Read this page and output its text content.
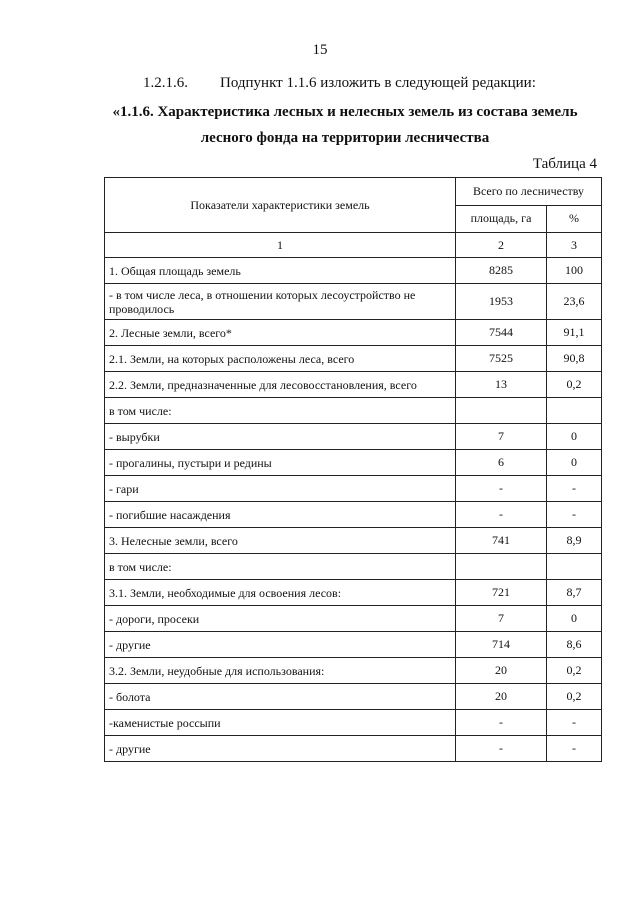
15
1.2.1.6. Подпункт 1.1.6 изложить в следующей редакции:
«1.1.6. Характеристика лесных и нелесных земель из состава земель
лесного фонда на территории лесничества
Таблица 4
Показатели характеристики земель	Всего по лесничеству	
	площадь, га	%
1	2	3
1. Общая площадь земель	8285	100
- в том числе леса, в отношении которых лесоустройство не проводилось	1953	23,6
2. Лесные земли, всего*	7544	91,1
2.1. Земли, на которых расположены леса, всего	7525	90,8
2.2. Земли, предназначенные для лесовосстановления, всего	13	0,2
в том числе:		
- вырубки	7	0
- прогалины, пустыри и редины	6	0
- гари	-	-
- погибшие насаждения	-	-
3. Нелесные земли, всего	741	8,9
в том числе:		
3.1. Земли, необходимые для освоения лесов:	721	8,7
- дороги, просеки	7	0
- другие	714	8,6
3.2. Земли, неудобные для использования:	20	0,2
- болота	20	0,2
-каменистые россыпи	-	-
- другие	-	-
